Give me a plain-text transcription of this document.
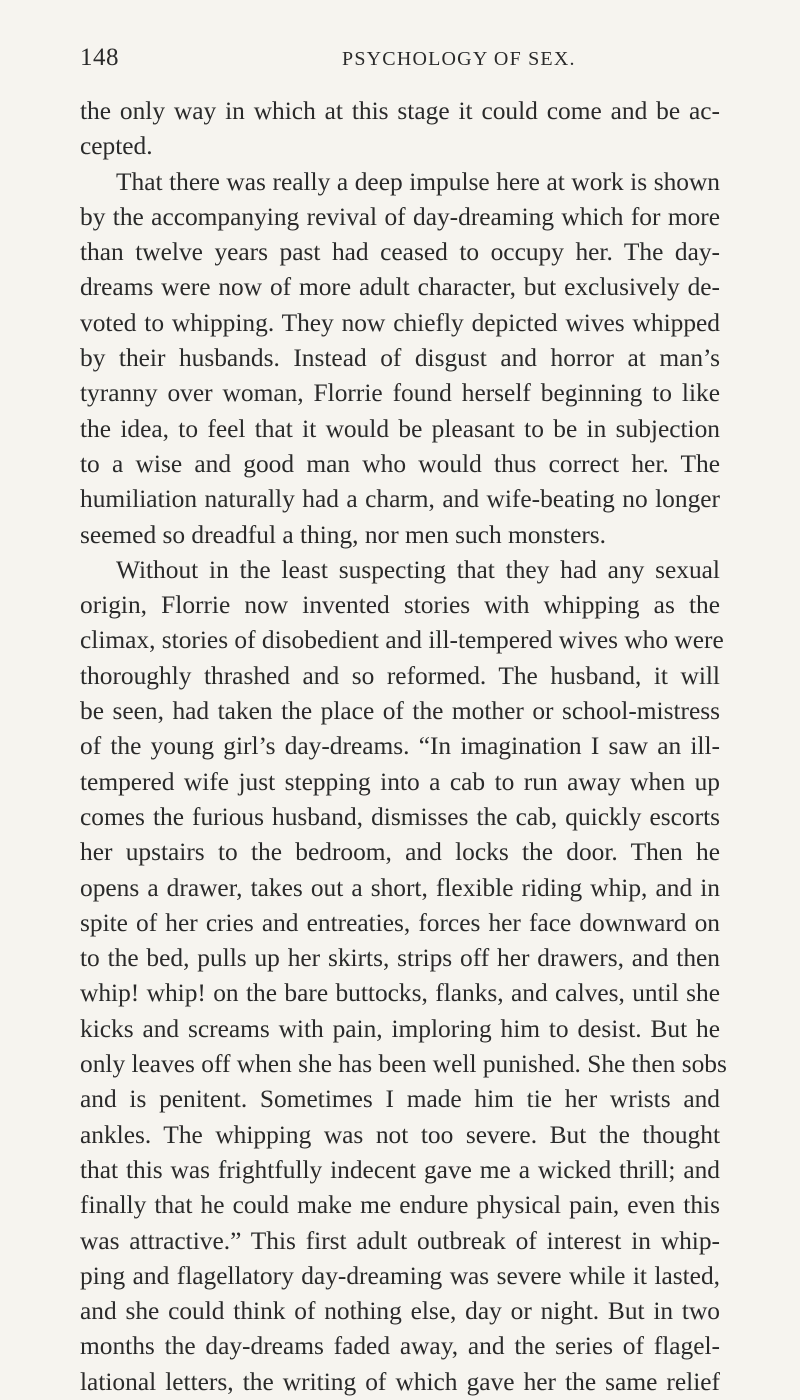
148	PSYCHOLOGY OF SEX.
the only way in which at this stage it could come and be ac-
cepted.
That there was really a deep impulse here at work is shown
by the accompanying revival of day-dreaming which for more
than twelve years past had ceased to occupy her. The day-
dreams were now of more adult character, but exclusively de-
voted to whipping. They now chiefly depicted wives whipped
by their husbands. Instead of disgust and horror at man’s
tyranny over woman, Florrie found herself beginning to like
the idea, to feel that it would be pleasant to be in subjection
to a wise and good man who would thus correct her. The
humiliation naturally had a charm, and wife-beating no longer
seemed so dreadful a thing, nor men such monsters.
Without in the least suspecting that they had any sexual
origin, Florrie now invented stories with whipping as the
climax, stories of disobedient and ill-tempered wives who were
thoroughly thrashed and so reformed. The husband, it will
be seen, had taken the place of the mother or school-mistress
of the young girl’s day-dreams. “In imagination I saw an ill-
tempered wife just stepping into a cab to run away when up
comes the furious husband, dismisses the cab, quickly escorts
her upstairs to the bedroom, and locks the door. Then he
opens a drawer, takes out a short, flexible riding whip, and in
spite of her cries and entreaties, forces her face downward on
to the bed, pulls up her skirts, strips off her drawers, and then
whip! whip! on the bare buttocks, flanks, and calves, until she
kicks and screams with pain, imploring him to desist. But he
only leaves off when she has been well punished. She then sobs
and is penitent. Sometimes I made him tie her wrists and
ankles. The whipping was not too severe. But the thought
that this was frightfully indecent gave me a wicked thrill; and
finally that he could make me endure physical pain, even this
was attractive.” This first adult outbreak of interest in whip-
ping and flagellatory day-dreaming was severe while it lasted,
and she could think of nothing else, day or night. But in two
months the day-dreams faded away, and the series of flagel-
lational letters, the writing of which gave her the same relief
